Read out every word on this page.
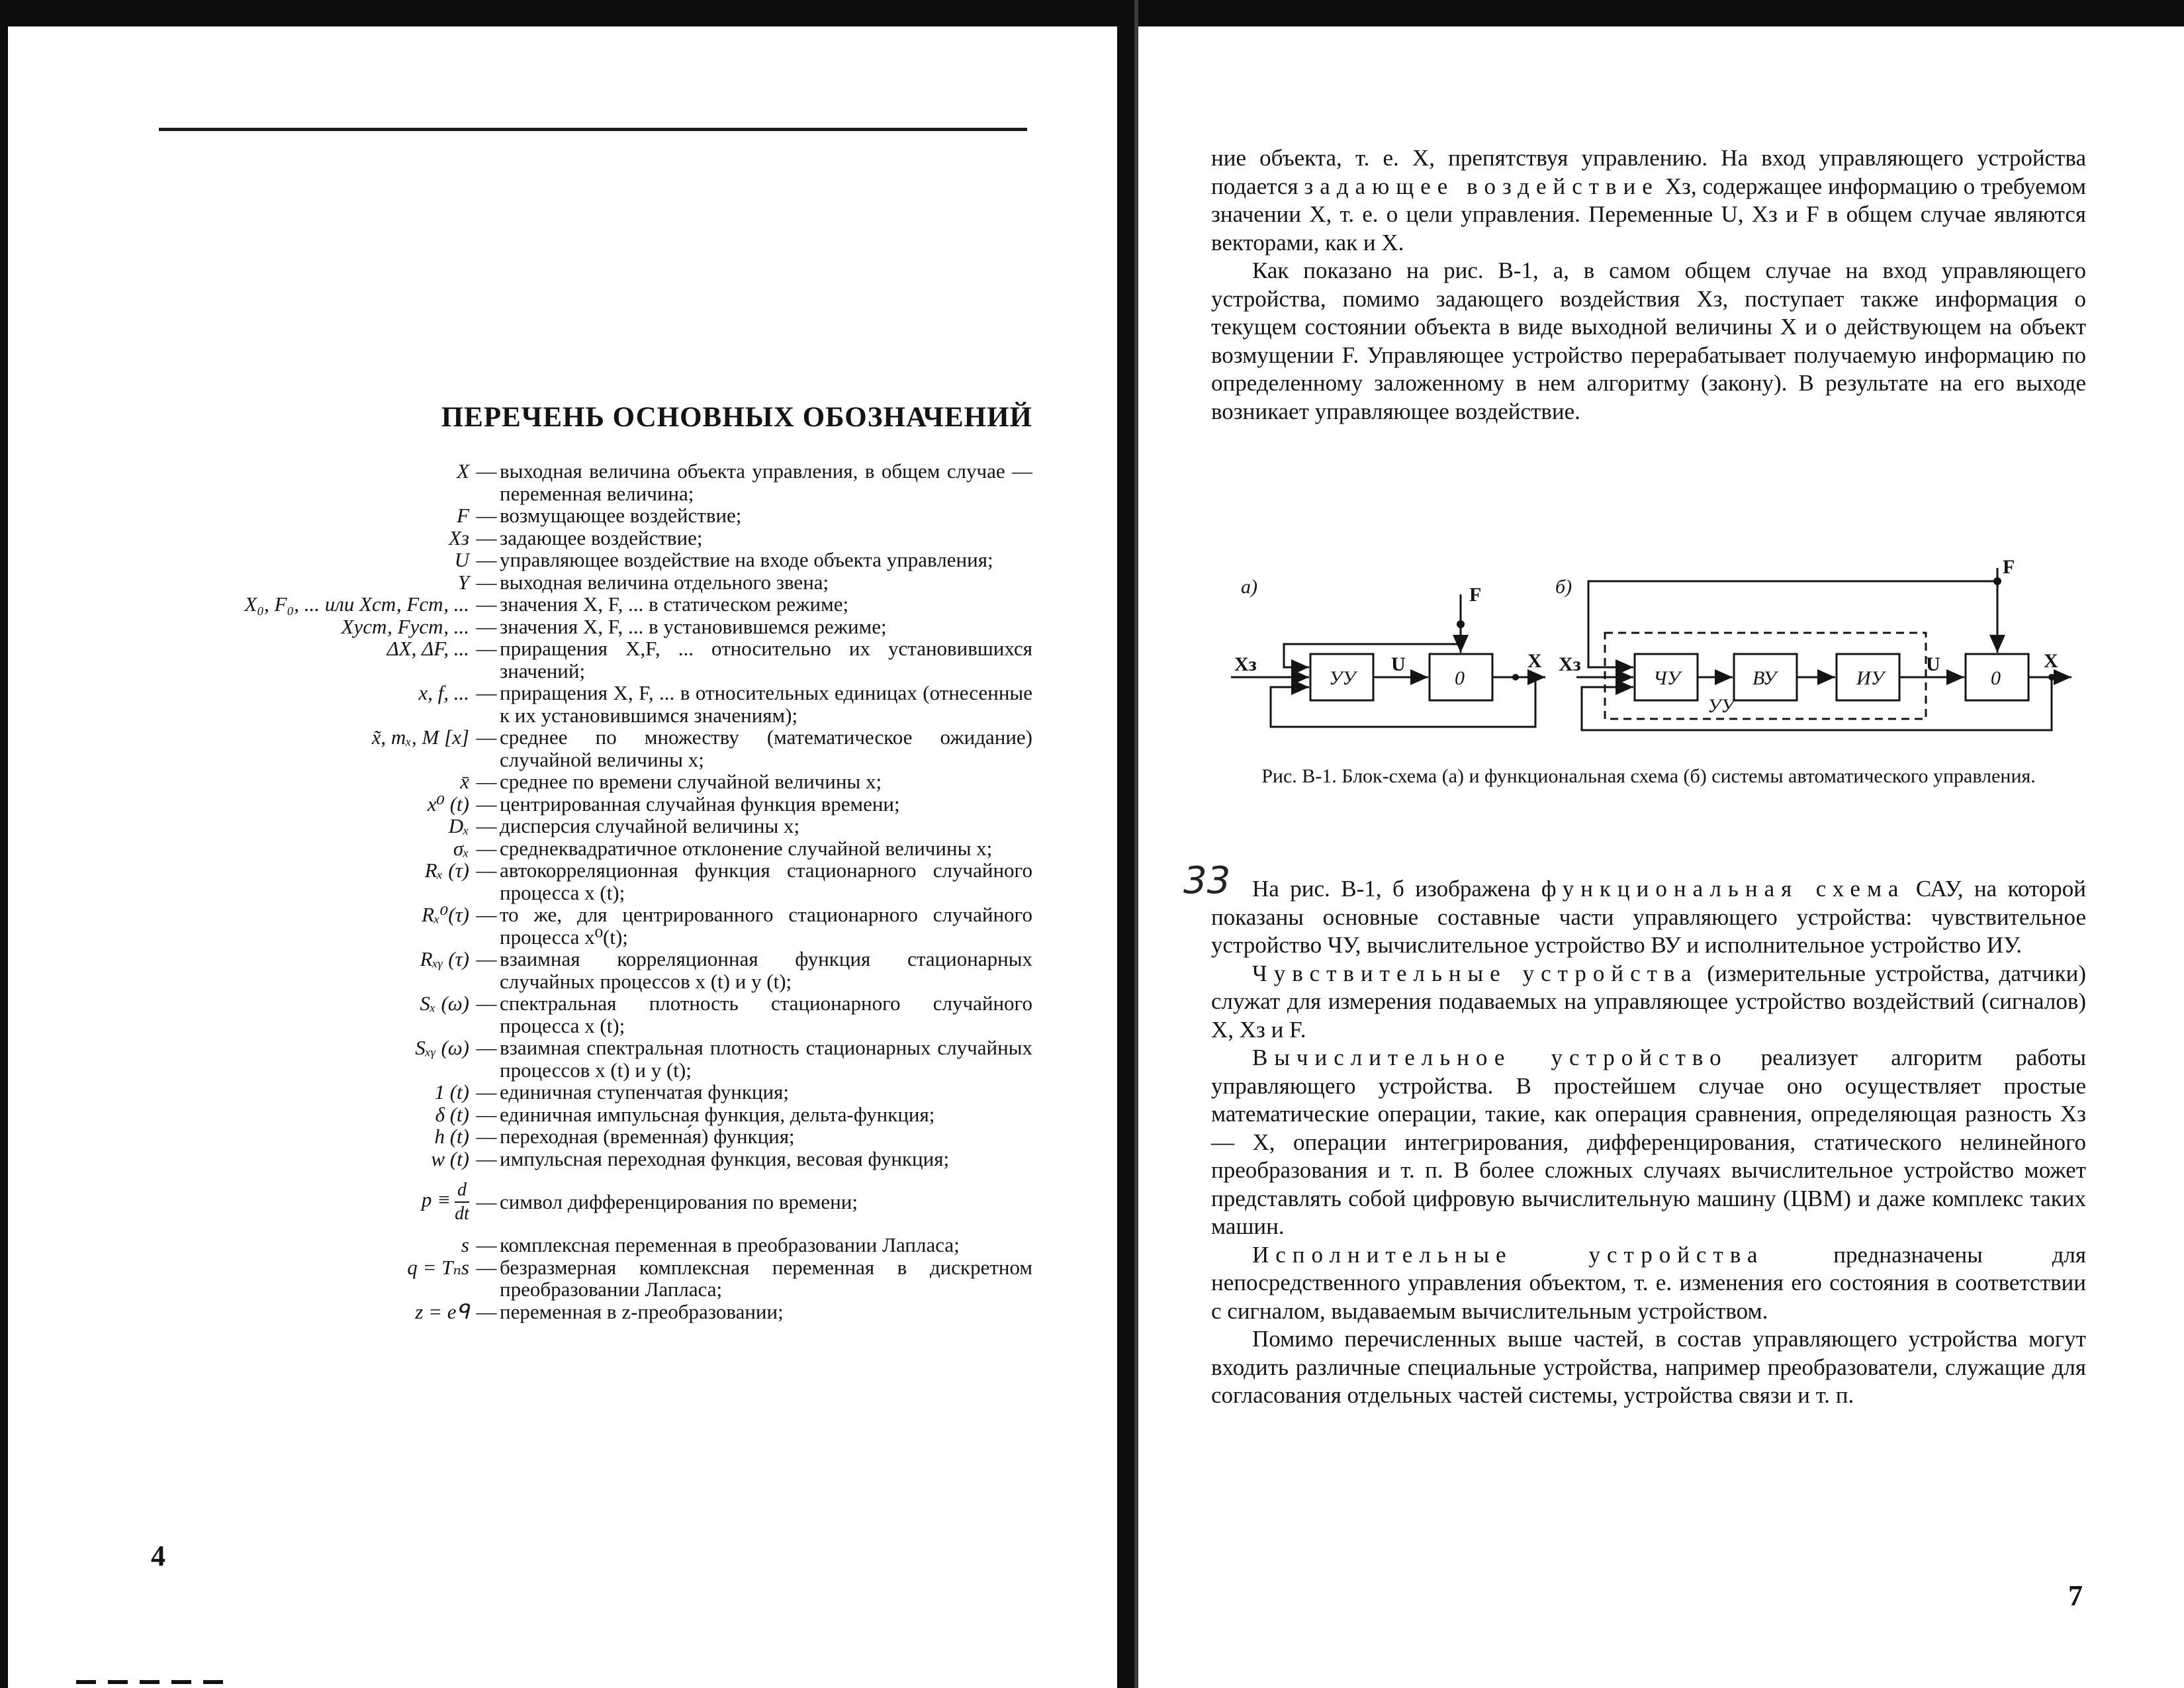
ПЕРЕЧЕНЬ ОСНОВНЫХ ОБОЗНАЧЕНИЙ
X — выходная величина объекта управления, в общем случае — переменная величина;
F — возмущающее воздействие;
Xз — задающее воздействие;
U — управляющее воздействие на входе объекта управления;
Y — выходная величина отдельного звена;
X₀, F₀, ... или Xст, Fст, ... — значения X, F, ... в статическом режиме;
Xуст, Fуст, ... — значения X, F, ... в установившемся режиме;
ΔX, ΔF, ... — приращения X,F, ... относительно их установившихся значений;
x, f, ... — приращения X, F, ... в относительных единицах (отнесенные к их установившимся значениям);
x̃, mₓ, M [x] — среднее по множеству (математическое ожидание) случайной величины x;
x̄ — среднее по времени случайной величины x;
x⁰ (t) — центрированная случайная функция времени;
Dₓ — дисперсия случайной величины x;
σₓ — среднеквадратичное отклонение случайной величины x;
Rₓ (τ) — автокорреляционная функция стационарного случайного процесса x (t);
Rₓ⁰(τ) — то же, для центрированного стационарного случайного процесса x⁰(t);
Rₓᵧ (τ) — взаимная корреляционная функция стационарных случайных процессов x (t) и y (t);
Sₓ (ω) — спектральная плотность стационарного случайного процесса x (t);
Sₓᵧ (ω) — взаимная спектральная плотность стационарных случайных процессов x (t) и y (t);
1 (t) — единичная ступенчатая функция;
δ (t) — единичная импульсная функция, дельта-функция;
h (t) — переходная (временна́я) функция;
w (t) — импульсная переходная функция, весовая функция;
$p \equiv \frac{d}{dt}$ — символ дифференцирования по времени;
s — комплексная переменная в преобразовании Лапласа;
q = Tₙs — безразмерная комплексная переменная в дискретном преобразовании Лапласа;
z = eᑫ — переменная в z-преобразовании;
4

ние объекта, т. е. X, препятствуя управлению. На вход управляющего устройства подается задающее воздействие Xз, содержащее информацию о требуемом значении X, т. е. о цели управления. Переменные U, Xз и F в общем случае являются векторами, как и X.

Как показано на рис. В-1, а, в самом общем случае на вход управляющего устройства, помимо задающего воздействия Xз, поступает также информация о текущем состоянии объекта в виде выходной величины X и о действующем на объект возмущении F. Управляющее устройство перерабатывает получаемую информацию по определенному заложенному в нем алгоритму (закону). В результате на его выходе возникает управляющее воздействие.

а)	б)
Xз
УУ
U
0
F
X Xз
ЧУ	ВУ	ИУ
УУ
U
0
F
X
Рис. В-1. Блок-схема (а) и функциональная схема (б) системы автоматического управления.
33 На рис. В-1, б изображена функциональная схема САУ, на которой показаны основные составные части управляющего устройства: чувствительное устройство ЧУ, вычислительное устройство ВУ и исполнительное устройство ИУ.

Чувствительные устройства (измерительные устройства, датчики) служат для измерения подаваемых на управляющее устройство воздействий (сигналов) X, Xз и F.

Вычислительное устройство реализует алгоритм работы управляющего устройства. В простейшем случае оно осуществляет простые математические операции, такие, как операция сравнения, определяющая разность Xз — X, операции интегрирования, дифференцирования, статического нелинейного преобразования и т. п. В более сложных случаях вычислительное устройство может представлять собой цифровую вычислительную машину (ЦВМ) и даже комплекс таких машин.

Исполнительные устройства предназначены для непосредственного управления объектом, т. е. изменения его состояния в соответствии с сигналом, выдаваемым вычислительным устройством.

Помимо перечисленных выше частей, в состав управляющего устройства могут входить различные специальные устройства, например преобразователи, служащие для согласования отдельных частей системы, устройства связи и т. п.

7
